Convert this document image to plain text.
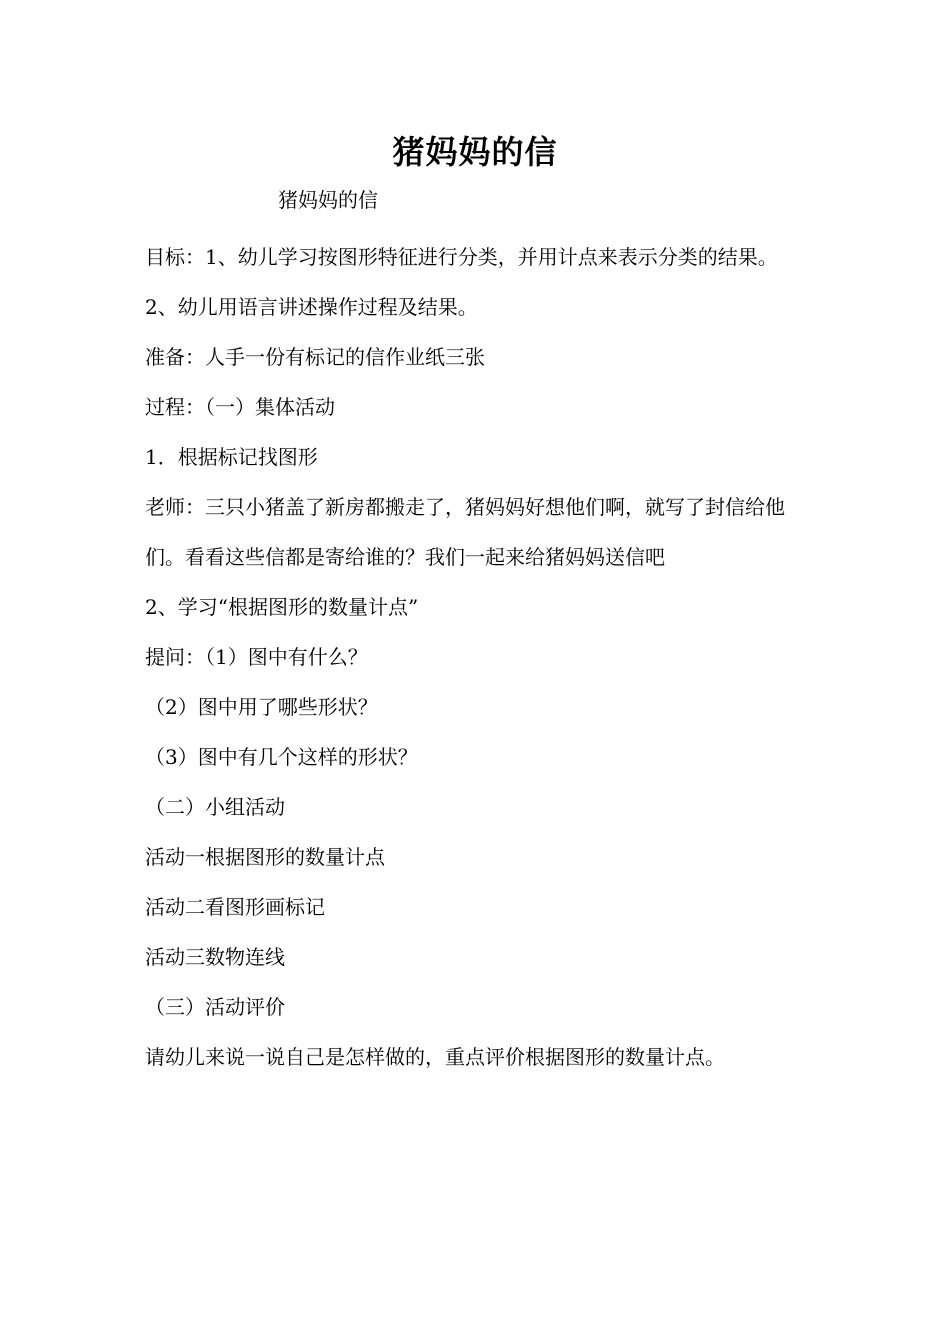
猪妈妈的信
猪妈妈的信
目标：1、幼儿学习按图形特征进行分类，并用计点来表示分类的结果。
2、幼儿用语言讲述操作过程及结果。
准备：人手一份有标记的信作业纸三张
过程：（一）集体活动
1．根据标记找图形
老师：三只小猪盖了新房都搬走了，猪妈妈好想他们啊，就写了封信给他们。看看这些信都是寄给谁的？我们一起来给猪妈妈送信吧
2、学习“根据图形的数量计点”
提问：（1）图中有什么？
（2）图中用了哪些形状？
（3）图中有几个这样的形状？
（二）小组活动
活动一根据图形的数量计点
活动二看图形画标记
活动三数物连线
（三）活动评价
请幼儿来说一说自己是怎样做的，重点评价根据图形的数量计点。
